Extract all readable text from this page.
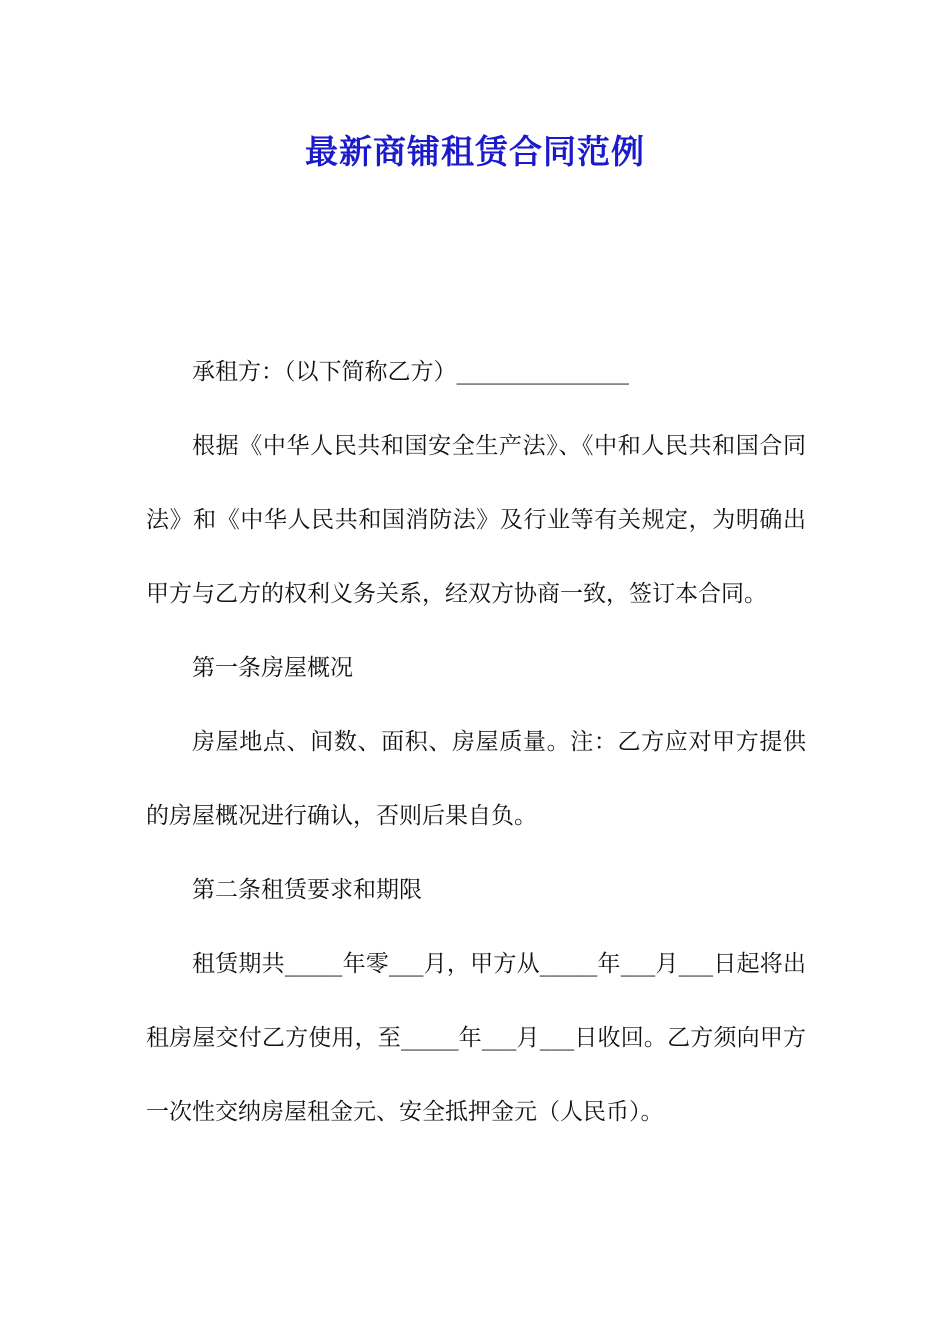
最新商铺租赁合同范例

承租方：（以下简称乙方）_______________

根据《中华人民共和国安全生产法》、《中和人民共和国合同法》和《中华人民共和国消防法》及行业等有关规定，为明确出甲方与乙方的权利义务关系，经双方协商一致，签订本合同。

第一条房屋概况

房屋地点、间数、面积、房屋质量。注：乙方应对甲方提供的房屋概况进行确认，否则后果自负。

第二条租赁要求和期限

租赁期共_____年零___月，甲方从_____年___月___日起将出租房屋交付乙方使用，至_____年___月___日收回。乙方须向甲方一次性交纳房屋租金元、安全抵押金元（人民币）。
